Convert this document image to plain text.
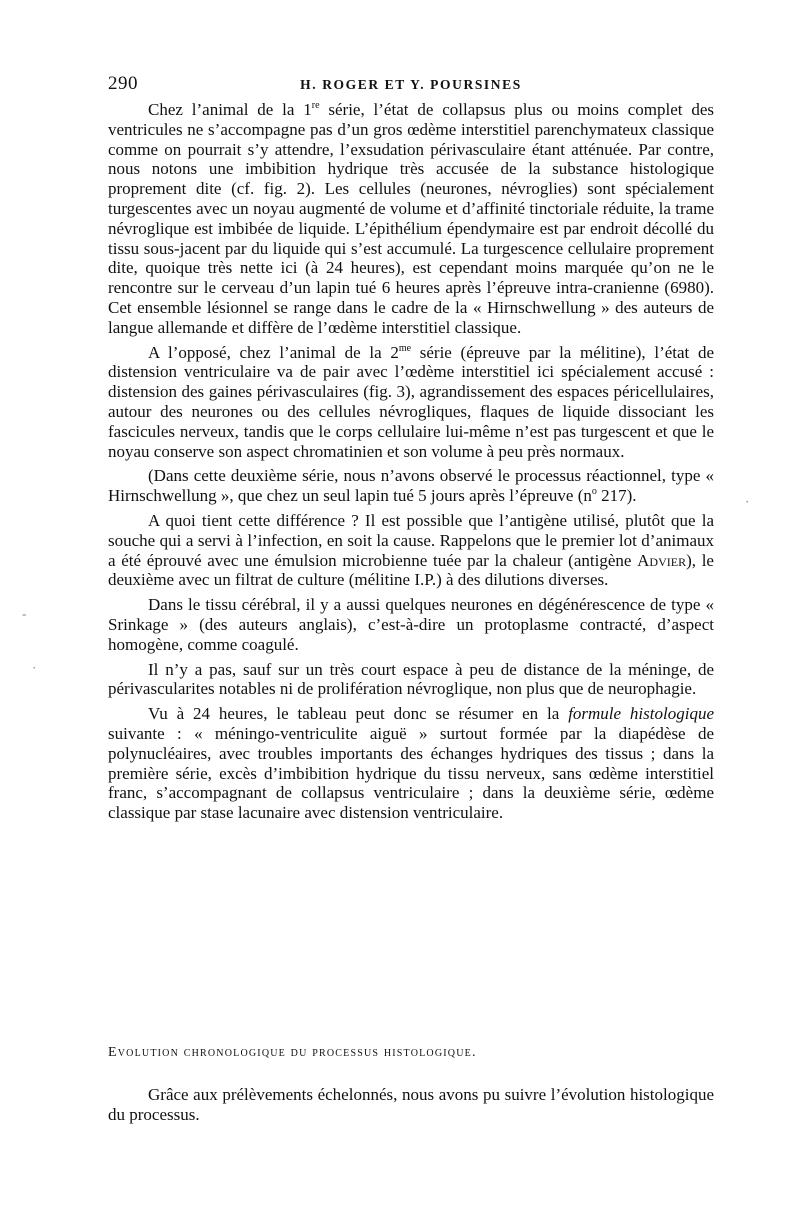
290	H. ROGER ET Y. POURSINES

Chez l’animal de la 1re série, l’état de collapsus plus ou moins complet des ventricules ne s’accompagne pas d’un gros œdème interstitiel parenchymateux classique comme on pourrait s’y attendre, l’exsudation périvasculaire étant atténuée. Par contre, nous notons une imbibition hydrique très accusée de la substance histologique proprement dite (cf. fig. 2). Les cellules (neurones, névroglies) sont spécialement turgescentes avec un noyau augmenté de volume et d’affinité tinctoriale réduite, la trame névroglique est imbibée de liquide. L’épithélium épendymaire est par endroit décollé du tissu sous-jacent par du liquide qui s’est accumulé. La turgescence cellulaire proprement dite, quoique très nette ici (à 24 heures), est cependant moins marquée qu’on ne le rencontre sur le cerveau d’un lapin tué 6 heures après l’épreuve intra-cranienne (6980). Cet ensemble lésionnel se range dans le cadre de la « Hirnschwellung » des auteurs de langue allemande et diffère de l’œdème interstitiel classique.

A l’opposé, chez l’animal de la $2^{me}$ série (épreuve par la mélitine), l’état de distension ventriculaire va de pair avec l’œdème interstitiel ici spécialement accusé : distension des gaines périvasculaires (fig. 3), agrandissement des espaces péricellulaires, autour des neurones ou des cellules névrogliques, flaques de liquide dissociant les fascicules nerveux, tandis que le corps cellulaire lui-même n’est pas turgescent et que le noyau conserve son aspect chromatinien et son volume à peu près normaux.

(Dans cette deuxième série, nous n’avons observé le processus réactionnel, type « Hirnschwellung », que chez un seul lapin tué 5 jours après l’épreuve ($n^o$ 217).

A quoi tient cette différence ? Il est possible que l’antigène utilisé, plutôt que la souche qui a servi à l’infection, en soit la cause. Rappelons que le premier lot d’animaux a été éprouvé avec une émulsion microbienne tuée par la chaleur (antigène Advier), le deuxième avec un filtrat de culture (mélitine I.P.) à des dilutions diverses.

Dans le tissu cérébral, il y a aussi quelques neurones en dégénérescence de type « Srinkage » (des auteurs anglais), c’est-à-dire un protoplasme contracté, d’aspect homogène, comme coagulé.

Il n’y a pas, sauf sur un très court espace à peu de distance de la méninge, de périvascularites notables ni de prolifération névroglique, non plus que de neurophagie.

Vu à 24 heures, le tableau peut donc se résumer en la formule histologique suivante : « méningo-ventriculite aiguë » surtout formée par la diapédèse de polynucléaires, avec troubles importants des échanges hydriques des tissus ; dans la première série, excès d’imbibition hydrique du tissu nerveux, sans œdème interstitiel franc, s’accompagnant de collapsus ventriculaire ; dans la deuxième série, œdème classique par stase lacunaire avec distension ventriculaire.

Evolution chronologique du processus histologique.

Grâce aux prélèvements échelonnés, nous avons pu suivre l’évolution histologique du processus.

-
·
·
